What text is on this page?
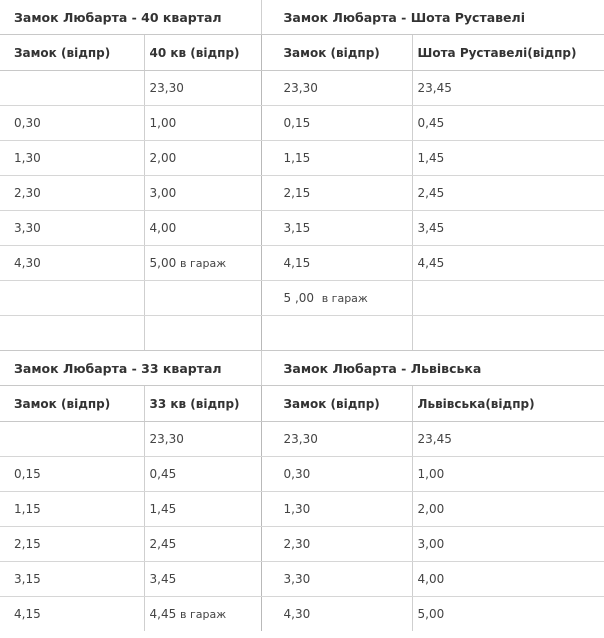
Замок Любарта - 40 квартал		Замок Любарта - Шота Руставелі	
Замок (відпр)	40 кв (відпр)	Замок (відпр)	Шота Руставелі(відпр)
	23,30	23,30	23,45
0,30	1,00	0,15	0,45
1,30	2,00	1,15	1,45
2,30	3,00	2,15	2,45
3,30	4,00	3,15	3,45
4,30	5,00 в гараж	4,15	4,45
		5 ,00 в гараж	

Замок Любарта - 33 квартал		Замок Любарта - Львівська	
Замок (відпр)	33 кв (відпр)	Замок (відпр)	Львівська(відпр)
	23,30	23,30	23,45
0,15	0,45	0,30	1,00
1,15	1,45	1,30	2,00
2,15	2,45	2,30	3,00
3,15	3,45	3,30	4,00
4,15	4,45 в гараж	4,30	5,00
